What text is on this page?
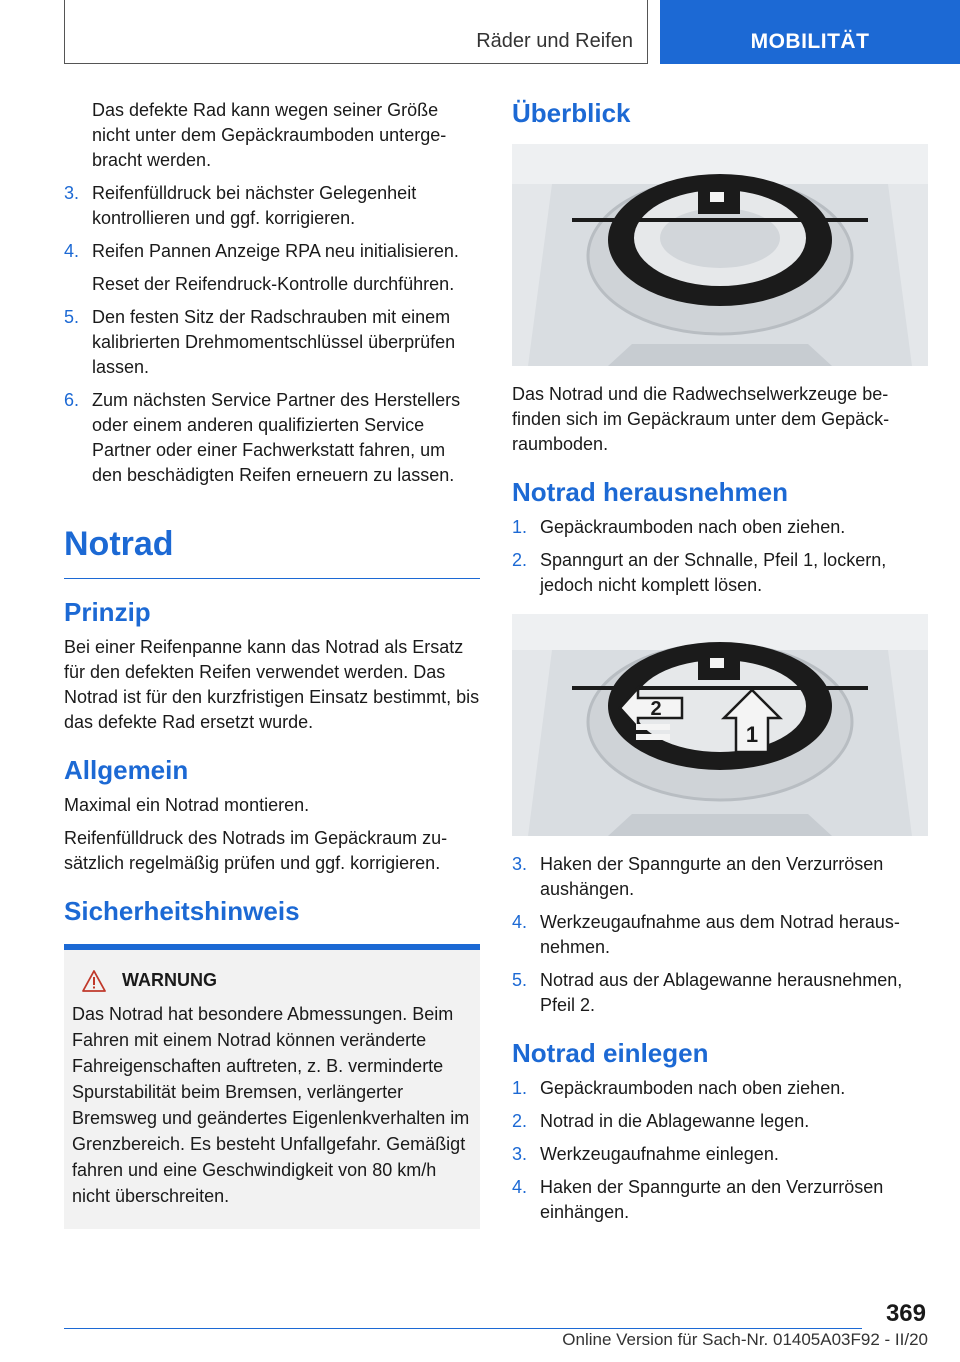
Räder und Reifen	MOBILITÄT

Das defekte Rad kann wegen seiner Größe nicht unter dem Gepäckraumboden untergebracht werden.

3. Reifenfülldruck bei nächster Gelegenheit kontrollieren und ggf. korrigieren.
4. Reifen Pannen Anzeige RPA neu initialisieren.
Reset der Reifendruck-Kontrolle durchführen.
5. Den festen Sitz der Radschrauben mit einem kalibrierten Drehmomentschlüssel überprüfen lassen.
6. Zum nächsten Service Partner des Herstellers oder einem anderen qualifizierten Service Partner oder einer Fachwerkstatt fahren, um den beschädigten Reifen erneuern zu lassen.
Notrad
Prinzip

Bei einer Reifenpanne kann das Notrad als Ersatz für den defekten Reifen verwendet werden. Das Notrad ist für den kurzfristigen Einsatz bestimmt, bis das defekte Rad ersetzt wurde.

Allgemein

Maximal ein Notrad montieren.

Reifenfülldruck des Notrads im Gepäckraum zusätzlich regelmäßig prüfen und ggf. korrigieren.

Sicherheitshinweis
WARNUNG
Das Notrad hat besondere Abmessungen. Beim Fahren mit einem Notrad können veränderte Fahreigenschaften auftreten, z. B. verminderte Spurstabilität beim Bremsen, verlängerter Bremsweg und geändertes Eigenlenkverhalten im Grenzbereich. Es besteht Unfallgefahr. Gemäßigt fahren und eine Geschwindigkeit von 80 km/h nicht überschreiten.
Überblick

Das Notrad und die Radwechselwerkzeuge befinden sich im Gepäckraum unter dem Gepäckraumboden.

Notrad herausnehmen
1. Gepäckraumboden nach oben ziehen.
2. Spanngurt an der Schnalle, Pfeil 1, lockern, jedoch nicht komplett lösen.
1
2
3. Haken der Spanngurte an den Verzurrösen aushängen.
4. Werkzeugaufnahme aus dem Notrad herausnehmen.
5. Notrad aus der Ablagewanne herausnehmen, Pfeil 2.
Notrad einlegen
1. Gepäckraumboden nach oben ziehen.
2. Notrad in die Ablagewanne legen.
3. Werkzeugaufnahme einlegen.
4. Haken der Spanngurte an den Verzurrösen einhängen.
369
Online Version für Sach-Nr. 01405A03F92 - II/20
